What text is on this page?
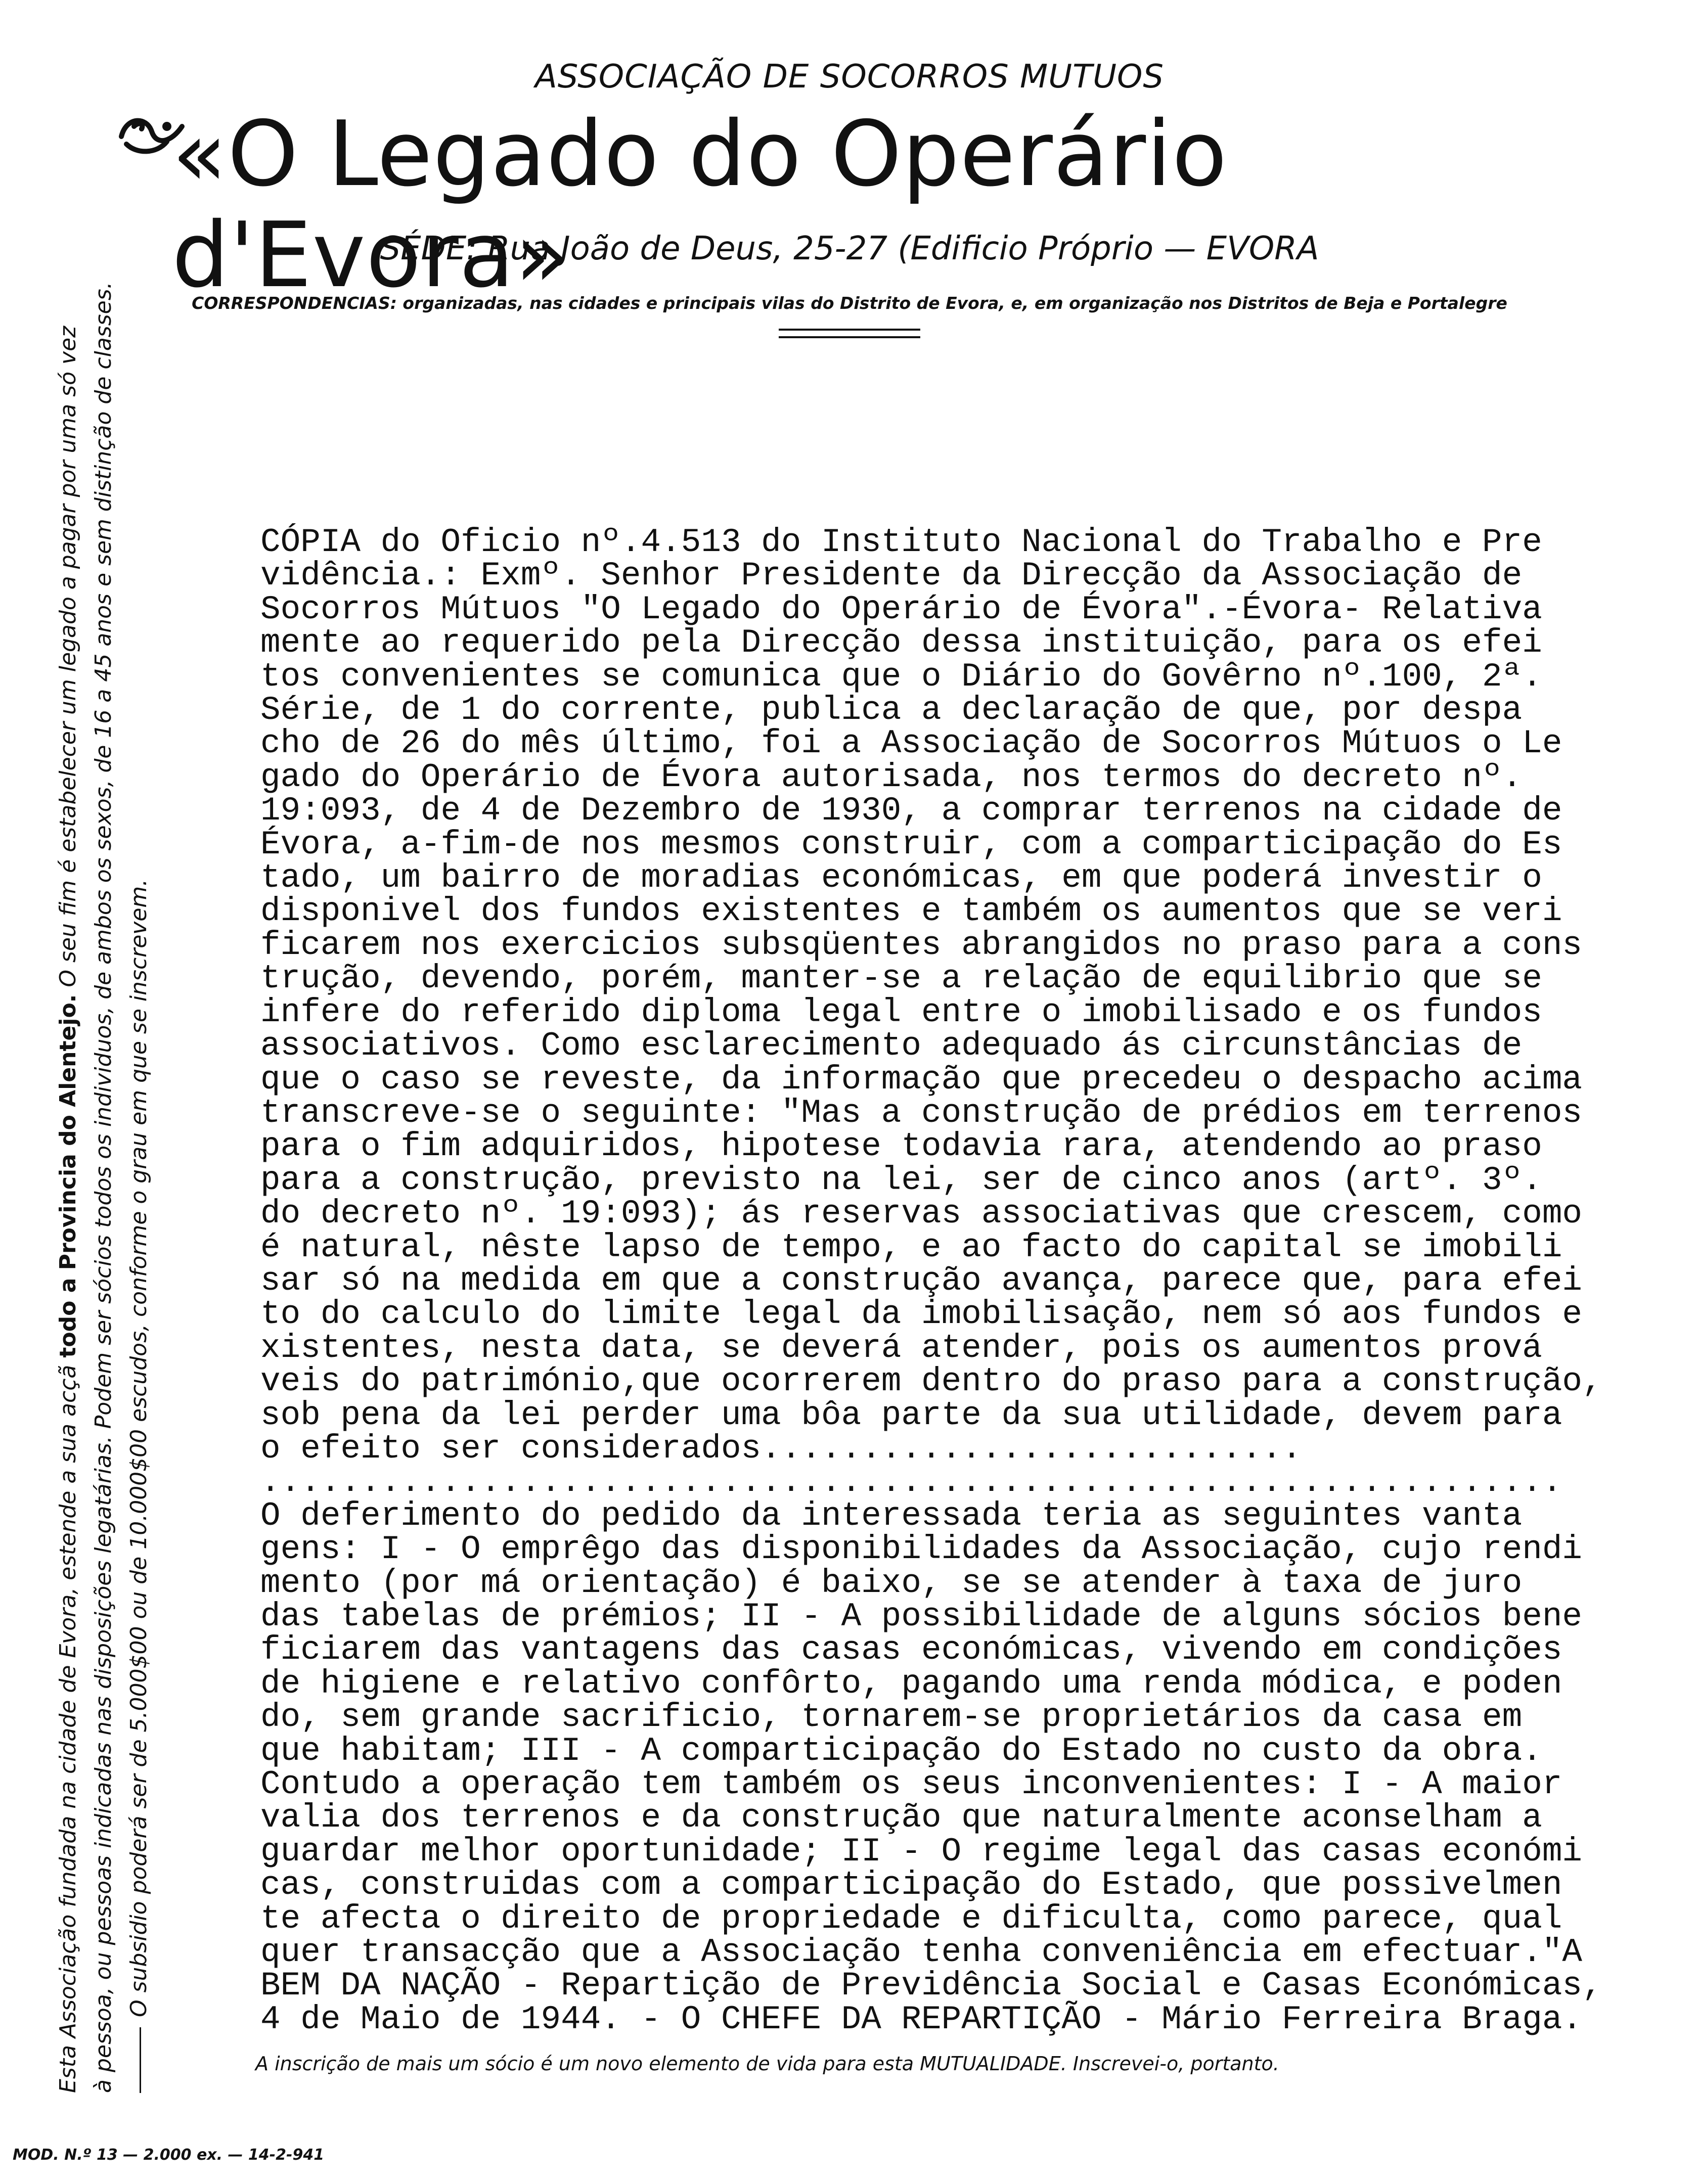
ASSOCIAÇÃO DE SOCORROS MUTUOS
«O Legado do Operário d'Evora»
SÉDE: Rua João de Deus, 25-27 (Edificio Próprio — EVORA
CORRESPONDENCIAS: organizadas, nas cidades e principais vilas do Distrito de Evora, e, em organização nos Distritos de Beja e Portalegre
Esta Associação fundada na cidade de Evora, estende a sua acçã todo a Provincia do Alentejo. O seu fim é estabelecer um legado a pagar por uma só vez à pessoa, ou pessoas indicadas nas disposições legatárias. Podem ser sócios todos os individuos, de ambos os sexos, de 16 a 45 anos e sem distinção de classes. O subsidio poderá ser de 5.000$00 ou de 10.000$00 escudos, conforme o grau em que se inscrevem.
CÓPIA do Oficio nº.4.513 do Instituto Nacional do Trabalho e Pre
vidência.: Exmº. Senhor Presidente da Direcção da Associação de
Socorros Mútuos "O Legado do Operário de Évora".-Évora- Relativa
mente ao requerido pela Direcção dessa instituição, para os efei
tos convenientes se comunica que o Diário do Govêrno nº.100, 2ª.
Série, de 1 do corrente, publica a declaração de que, por despa
cho de 26 do mês último, foi a Associação de Socorros Mútuos o Le
gado do Operário de Évora autorisada, nos termos do decreto nº.
19:093, de 4 de Dezembro de 1930, a comprar terrenos na cidade de
Évora, a-fim-de nos mesmos construir, com a comparticipação do Es
tado, um bairro de moradias económicas, em que poderá investir o
disponivel dos fundos existentes e também os aumentos que se veri
ficarem nos exercicios subsqüentes abrangidos no praso para a cons
trução, devendo, porém, manter-se a relação de equilibrio que se
infere do referido diploma legal entre o imobilisado e os fundos
associativos. Como esclarecimento adequado ás circunstâncias de
que o caso se reveste, da informação que precedeu o despacho acima
transcreve-se o seguinte: "Mas a construção de prédios em terrenos
para o fim adquiridos, hipotese todavia rara, atendendo ao praso
para a construção, previsto na lei, ser de cinco anos (artº. 3º.
do decreto nº. 19:093); ás reservas associativas que crescem, como
é natural, nêste lapso de tempo, e ao facto do capital se imobili
sar só na medida em que a construção avança, parece que, para efei
to do calculo do limite legal da imobilisação, nem só aos fundos e
xistentes, nesta data, se deverá atender, pois os aumentos prová
veis do património,que ocorrerem dentro do praso para a construção,
sob pena da lei perder uma bôa parte da sua utilidade, devem para
o efeito ser considerados...........................
.................................................................
O deferimento do pedido da interessada teria as seguintes vanta
gens: I - O emprêgo das disponibilidades da Associação, cujo rendi
mento (por má orientação) é baixo, se se atender à taxa de juro
das tabelas de prémios; II - A possibilidade de alguns sócios bene
ficiarem das vantagens das casas económicas, vivendo em condições
de higiene e relativo confôrto, pagando uma renda módica, e poden
do, sem grande sacrificio, tornarem-se proprietários da casa em
que habitam; III - A comparticipação do Estado no custo da obra.
Contudo a operação tem também os seus inconvenientes: I - A maior
valia dos terrenos e da construção que naturalmente aconselham a
guardar melhor oportunidade; II - O regime legal das casas económi
cas, construidas com a comparticipação do Estado, que possivelmen
te afecta o direito de propriedade e dificulta, como parece, qual
quer transacção que a Associação tenha conveniência em efectuar."A
BEM DA NAÇÃO - Repartição de Previdência Social e Casas Económicas,
4 de Maio de 1944. - O CHEFE DA REPARTIÇÃO - Mário Ferreira Braga.
A inscrição de mais um sócio é um novo elemento de vida para esta MUTUALIDADE. Inscrevei-o, portanto.
MOD. N.º 13 — 2.000 ex. — 14-2-941
